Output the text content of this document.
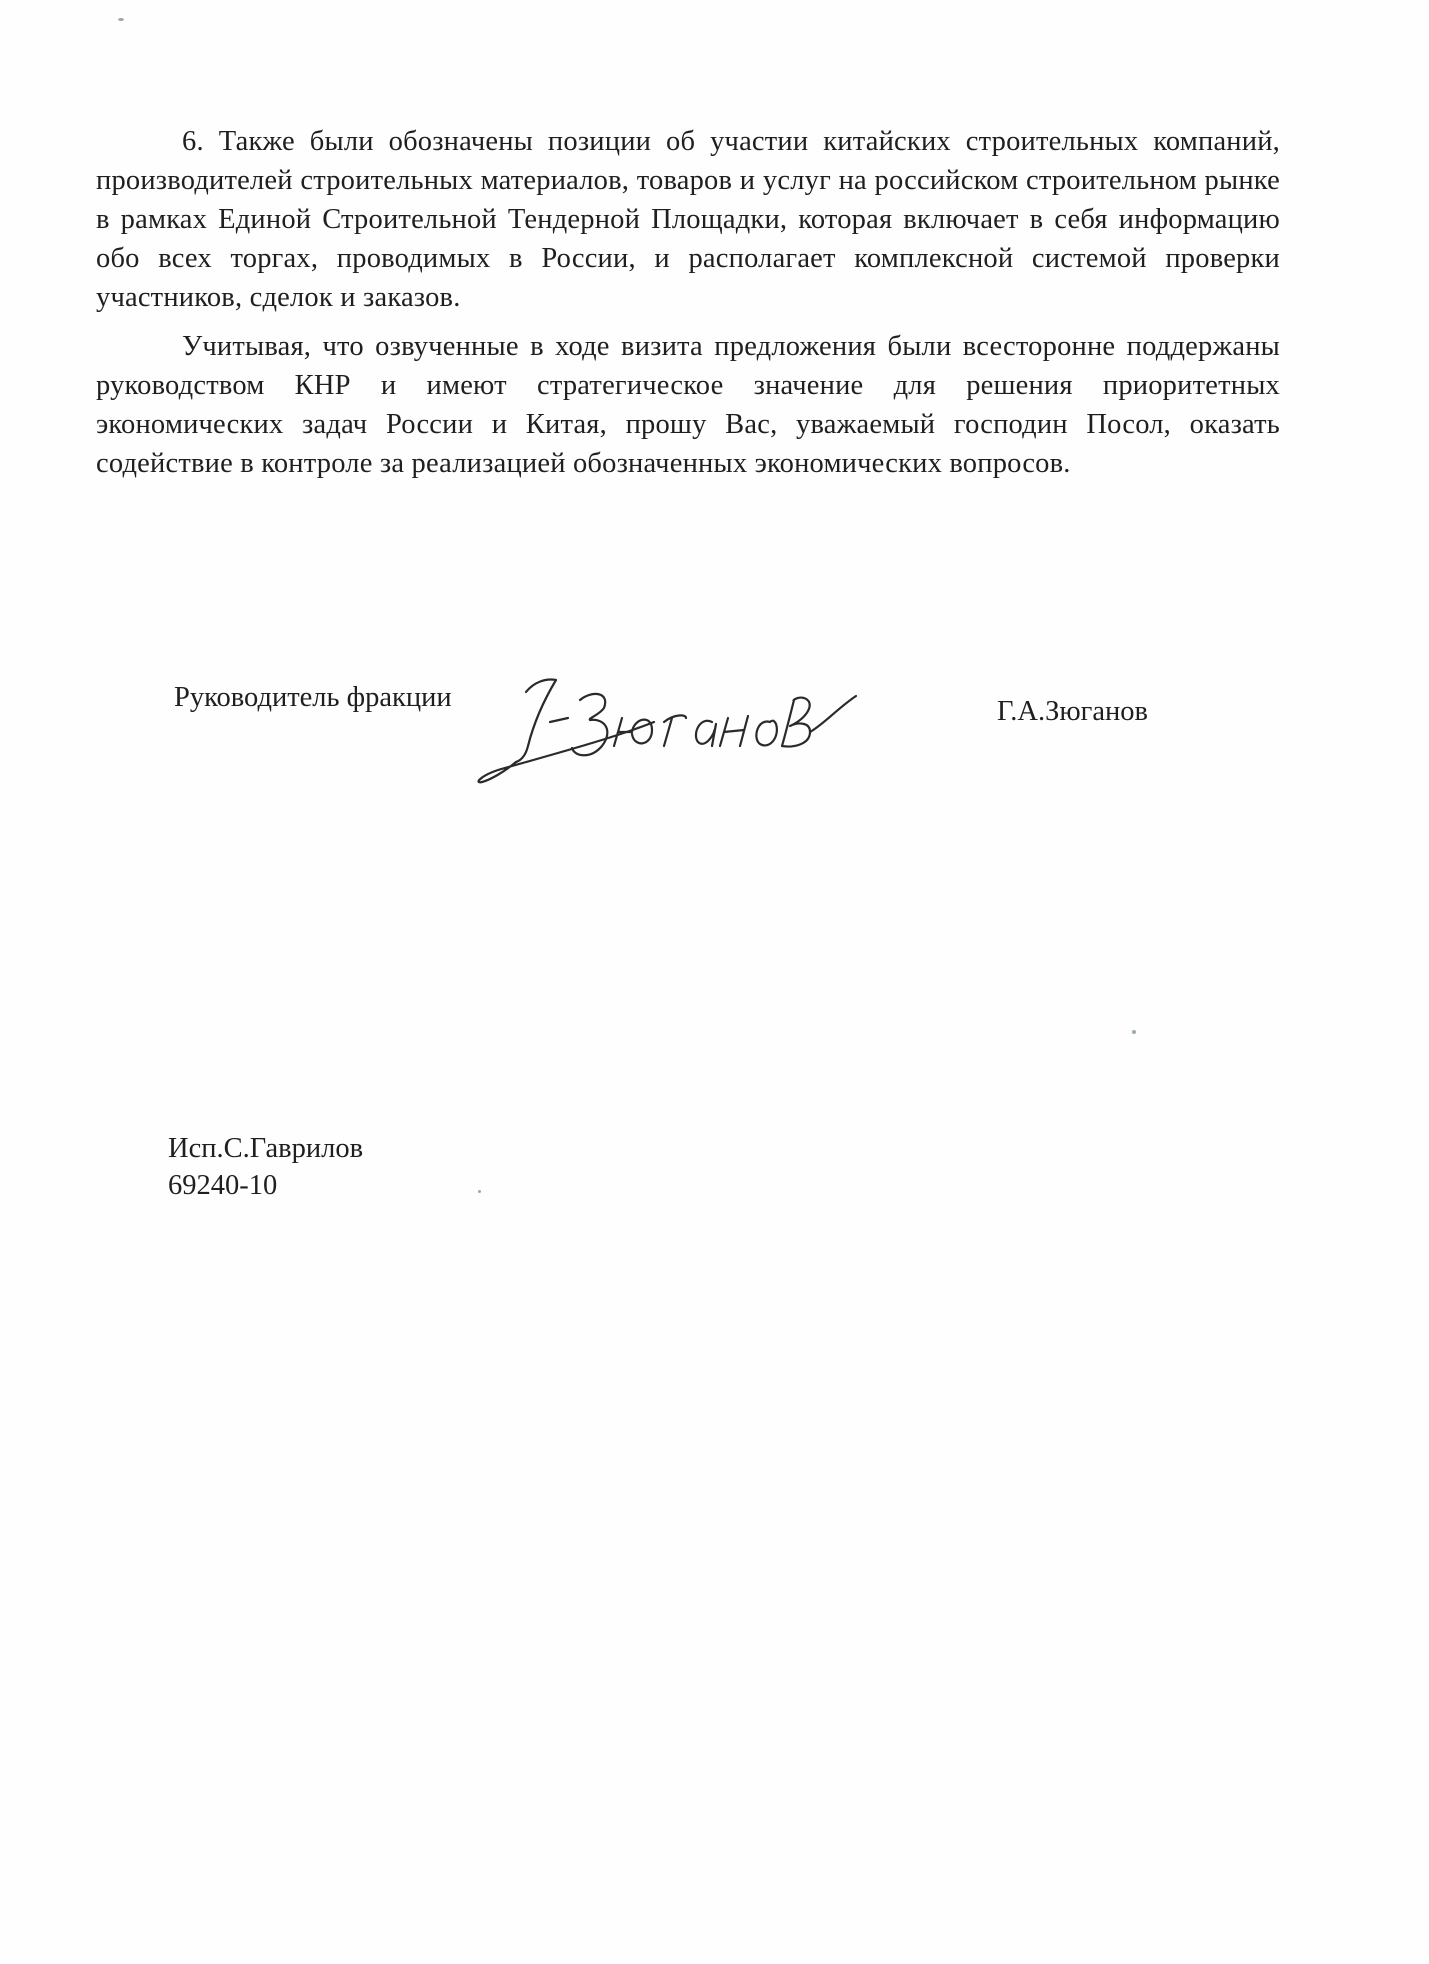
6. Также были обозначены позиции об участии китайских строительных компаний, производителей строительных материалов, товаров и услуг на российском строительном рынке в рамках Единой Строительной Тендерной Площадки, которая включает в себя информацию обо всех торгах, проводимых в России, и располагает комплексной системой проверки участников, сделок и заказов.

Учитывая, что озвученные в ходе визита предложения были всесторонне поддержаны руководством КНР и имеют стратегическое значение для решения приоритетных экономических задач России и Китая, прошу Вас, уважаемый господин Посол, оказать содействие в контроле за реализацией обозначенных экономических вопросов.

Руководитель фракции	Г.А.Зюганов
Исп.С.Гаврилов
69240-10
